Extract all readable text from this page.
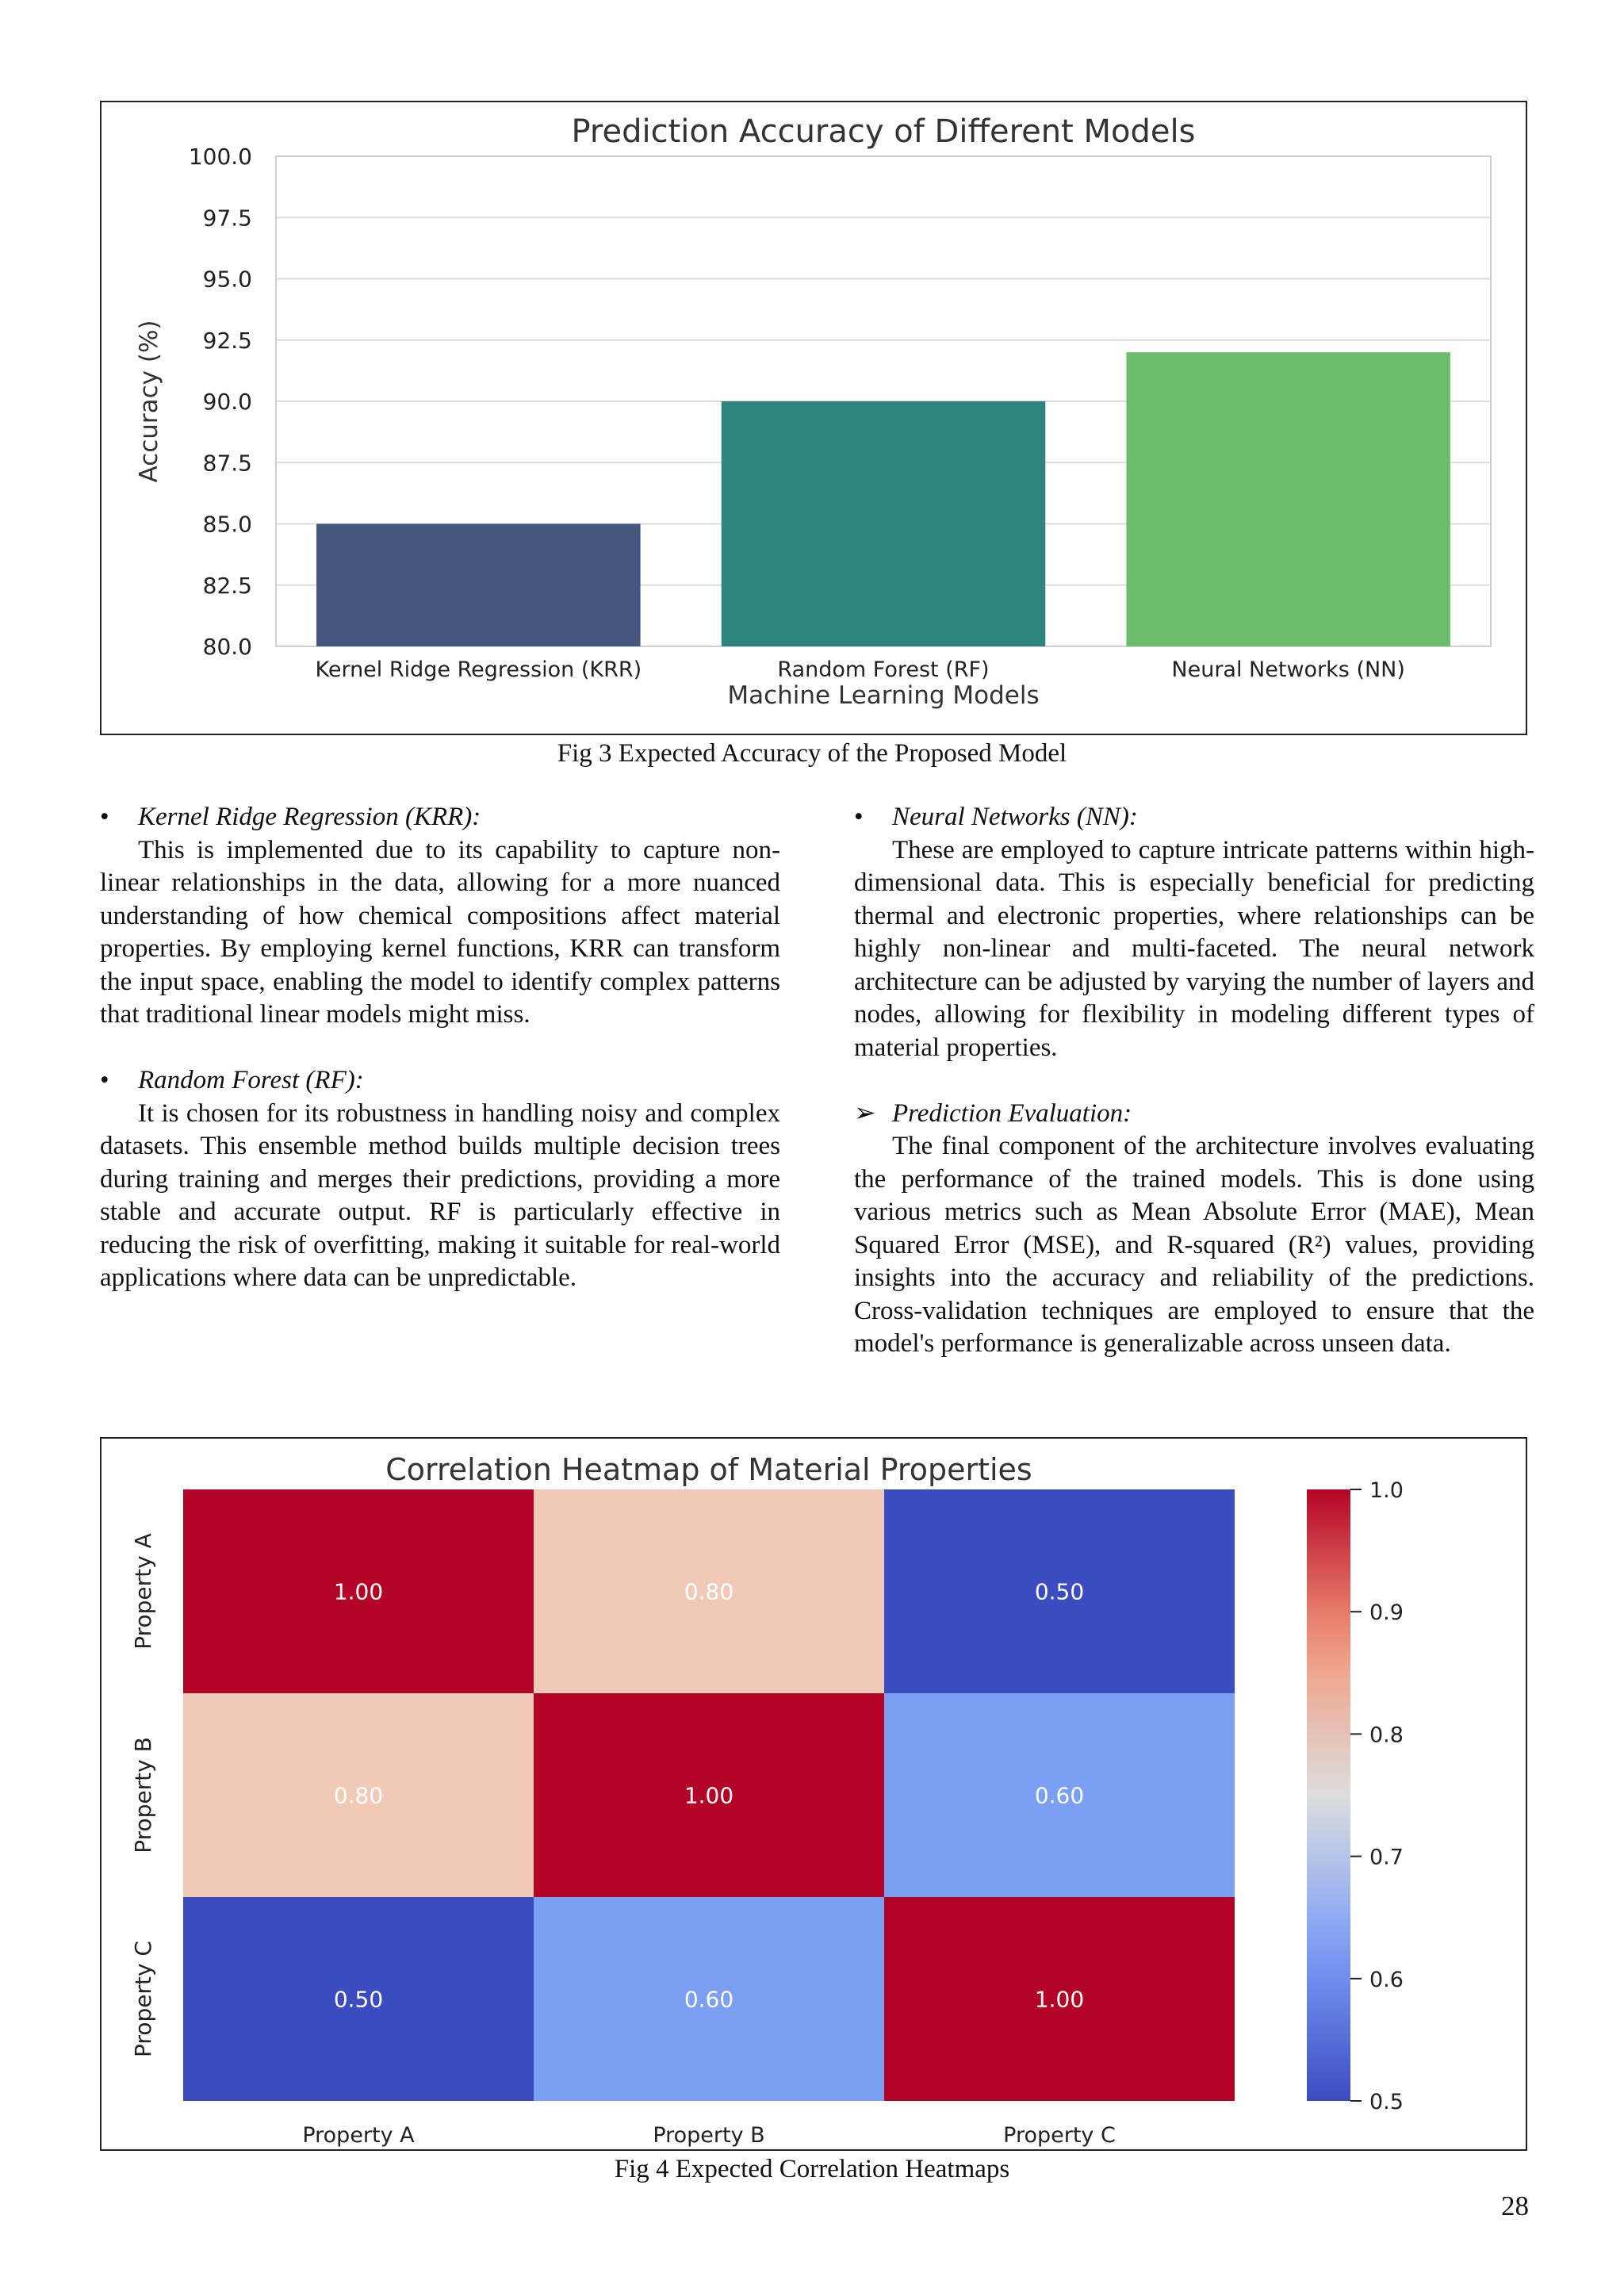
Prediction Accuracy of Different Models
80.0
82.5
85.0
87.5
90.0
92.5
95.0
97.5
100.0
Kernel Ridge Regression (KRR)	Random Forest (RF)	Neural Networks (NN)
Machine Learning Models
Accuracy (%)
Fig 3 Expected Accuracy of the Proposed Model
•	Kernel Ridge Regression (KRR):

This is implemented due to its capability to capture non-linear relationships in the data, allowing for a more nuanced understanding of how chemical compositions affect material properties. By employing kernel functions, KRR can transform the input space, enabling the model to identify complex patterns that traditional linear models might miss.

•	Random Forest (RF):

It is chosen for its robustness in handling noisy and complex datasets. This ensemble method builds multiple decision trees during training and merges their predictions, providing a more stable and accurate output. RF is particularly effective in reducing the risk of overfitting, making it suitable for real-world applications where data can be unpredictable.

•	Neural Networks (NN):

These are employed to capture intricate patterns within high-dimensional data. This is especially beneficial for predicting thermal and electronic properties, where relationships can be highly non-linear and multi-faceted. The neural network architecture can be adjusted by varying the number of layers and nodes, allowing for flexibility in modeling different types of material properties.

➢ Prediction Evaluation:

The final component of the architecture involves evaluating the performance of the trained models. This is done using various metrics such as Mean Absolute Error (MAE), Mean Squared Error (MSE), and R-squared (R²) values, providing insights into the accuracy and reliability of the predictions. Cross-validation techniques are employed to ensure that the model's performance is generalizable across unseen data.

Correlation Heatmap of Material Properties
1.00	0.80	0.50
0.80	1.00	0.60
0.50	0.60	1.00
Property A	Property B	Property C
Property A
Property B
Property C
1.0
0.9
0.8
0.7
0.6
0.5
Fig 4 Expected Correlation Heatmaps
28
